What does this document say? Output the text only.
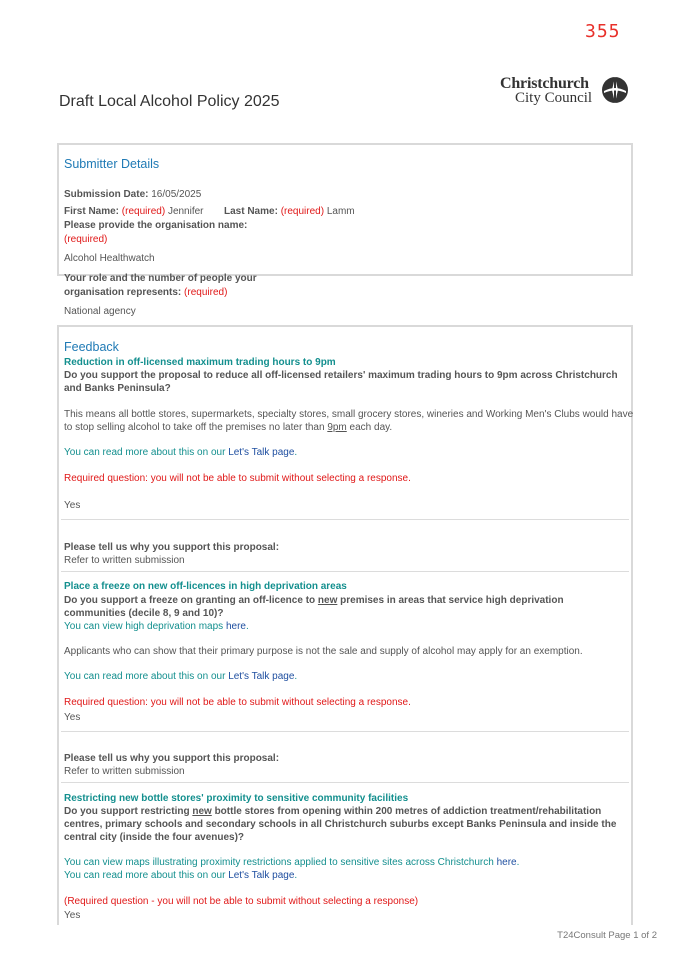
355
Draft Local Alcohol Policy 2025
Christchurch
City Council
Submitter Details
Submission Date: 16/05/2025
First Name: (required) Jennifer Last Name: (required) Lamm
Please provide the organisation name:
(required)
Alcohol Healthwatch
Your role and the number of people your
organisation represents: (required)
National agency
Feedback
Reduction in off-licensed maximum trading hours to 9pm
Do you support the proposal to reduce all off-licensed retailers' maximum trading hours to 9pm across Christchurch
and Banks Peninsula?
This means all bottle stores, supermarkets, specialty stores, small grocery stores, wineries and Working Men's Clubs would have
to stop selling alcohol to take off the premises no later than 9pm each day.
You can read more about this on our Let's Talk page.
Required question: you will not be able to submit without selecting a response.
Yes
Please tell us why you support this proposal:
Refer to written submission
Place a freeze on new off-licences in high deprivation areas
Do you support a freeze on granting an off-licence to new premises in areas that service high deprivation
communities (decile 8, 9 and 10)?
You can view high deprivation maps here.
Applicants who can show that their primary purpose is not the sale and supply of alcohol may apply for an exemption.
You can read more about this on our Let's Talk page.
Required question: you will not be able to submit without selecting a response.
Yes
Please tell us why you support this proposal:
Refer to written submission
Restricting new bottle stores' proximity to sensitive community facilities
Do you support restricting new bottle stores from opening within 200 metres of addiction treatment/rehabilitation
centres, primary schools and secondary schools in all Christchurch suburbs except Banks Peninsula and inside the
central city (inside the four avenues)?
You can view maps illustrating proximity restrictions applied to sensitive sites across Christchurch here.
You can read more about this on our Let's Talk page.
(Required question - you will not be able to submit without selecting a response)
Yes
T24Consult Page 1 of 2
